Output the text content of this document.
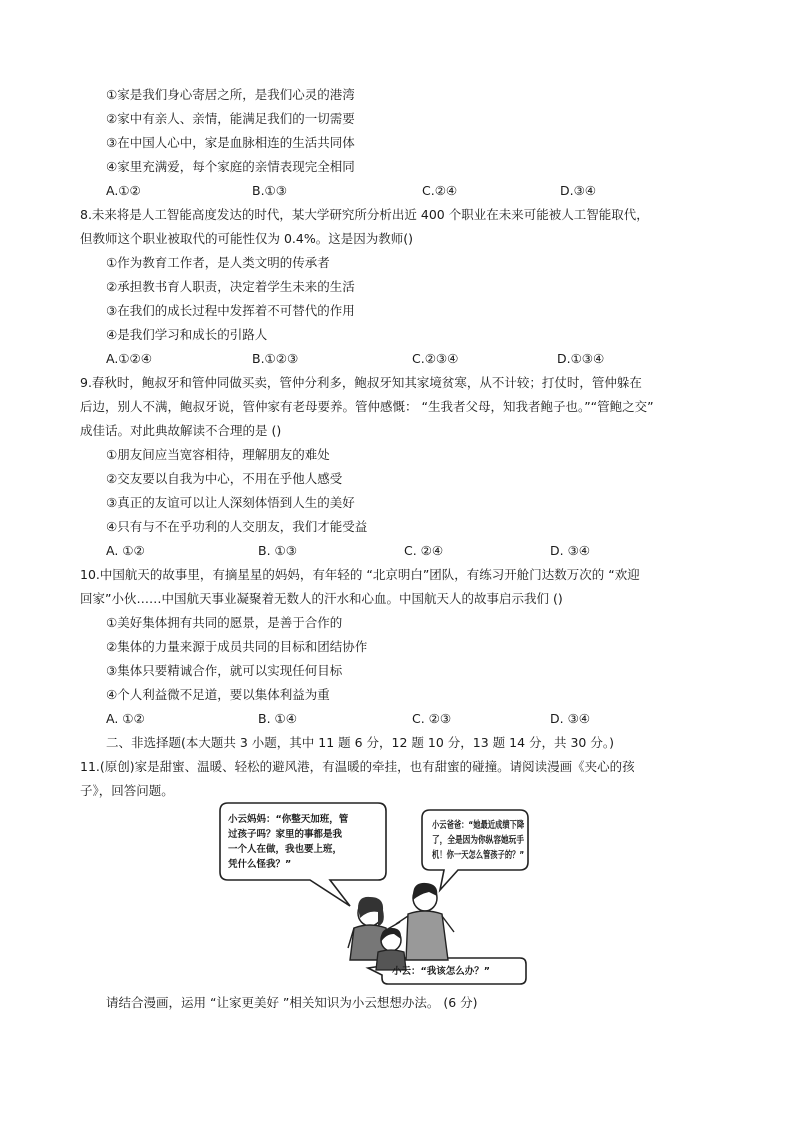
①家是我们身心寄居之所，是我们心灵的港湾
②家中有亲人、亲情，能满足我们的一切需要
③在中国人心中，家是血脉相连的生活共同体
④家里充满爱，每个家庭的亲情表现完全相同
A.①②	B.①③	C.②④	D.③④
8.未来将是人工智能高度发达的时代，某大学研究所分析出近 400 个职业在未来可能被人工智能取代，
但教师这个职业被取代的可能性仅为 0.4%。这是因为教师()
①作为教育工作者，是人类文明的传承者
②承担教书育人职责，决定着学生未来的生活
③在我们的成长过程中发挥着不可替代的作用
④是我们学习和成长的引路人
A.①②④	B.①②③	C.②③④	D.①③④
9.春秋时，鲍叔牙和管仲同做买卖，管仲分利多，鲍叔牙知其家境贫寒，从不计较；打仗时，管仲躲在
后边，别人不满，鲍叔牙说，管仲家有老母要养。管仲感慨： “生我者父母，知我者鲍子也。”“管鲍之交”
成佳话。对此典故解读不合理的是 ()
①朋友间应当宽容相待，理解朋友的难处
②交友要以自我为中心，不用在乎他人感受
③真正的友谊可以让人深刻体悟到人生的美好
④只有与不在乎功利的人交朋友，我们才能受益
A. ①②	B. ①③	C. ②④	D. ③④
10.中国航天的故事里，有摘星星的妈妈，有年轻的 “北京明白”团队，有练习开舱门达数万次的 “欢迎
回家”小伙……中国航天事业凝聚着无数人的汗水和心血。中国航天人的故事启示我们 ()
①美好集体拥有共同的愿景，是善于合作的
②集体的力量来源于成员共同的目标和团结协作
③集体只要精诚合作，就可以实现任何目标
④个人利益微不足道，要以集体利益为重
A. ①②	B. ①④	C. ②③	D. ③④
二、非选择题(本大题共 3 小题，其中 11 题 6 分，12 题 10 分，13 题 14 分，共 30 分。)
11.(原创)家是甜蜜、温暖、轻松的避风港，有温暖的牵挂，也有甜蜜的碰撞。请阅读漫画《夹心的孩
子》，回答问题。
小云妈妈：“你整天加班，管
过孩子吗？家里的事都是我
一个人在做，我也要上班，
凭什么怪我？”
小云爸爸：“她最近成绩下降
了，全是因为你纵容她玩手
机！你一天怎么管孩子的？”
小云：“我该怎么办？”
请结合漫画，运用 “让家更美好 ”相关知识为小云想想办法。 (6 分)
